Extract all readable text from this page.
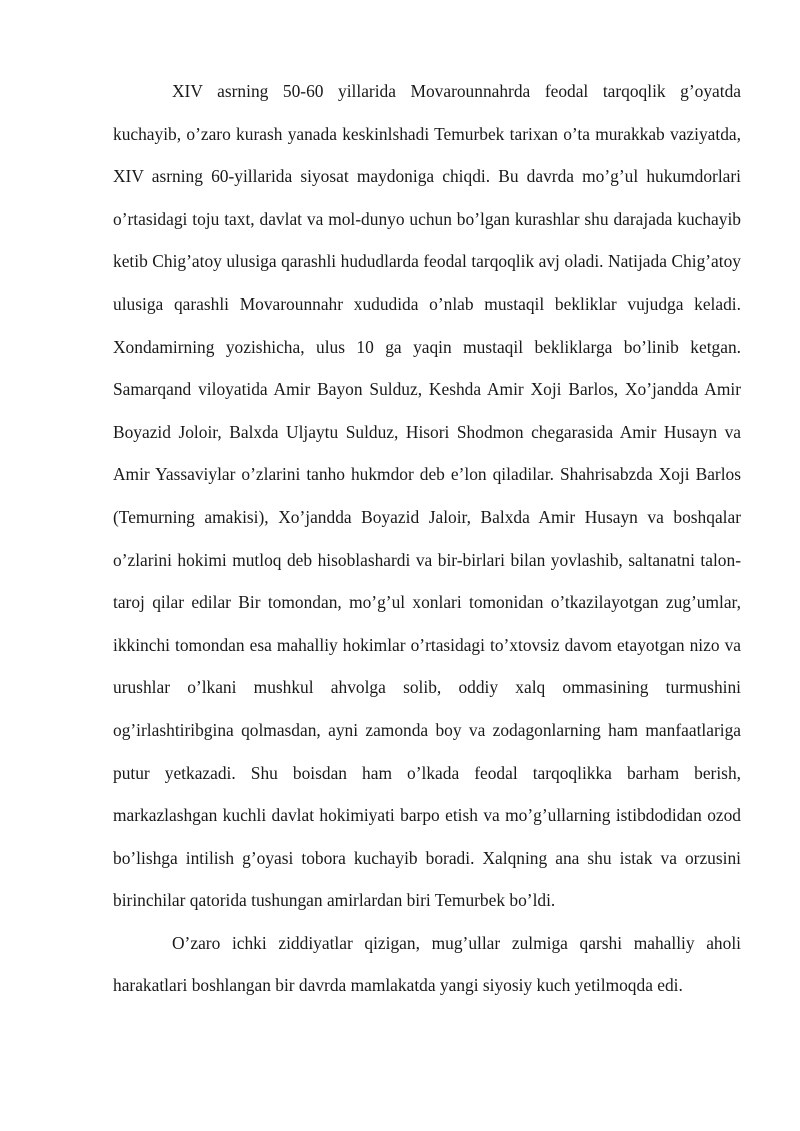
XIV asrning 50-60 yillarida Movarounnahrda feodal tarqoqlik g’oyatda kuchayib, o’zaro kurash yanada keskinlshadi Temurbek tarixan o’ta murakkab vaziyatda, XIV asrning 60-yillarida siyosat maydoniga chiqdi. Bu davrda mo’g’ul hukumdorlari o’rtasidagi toju taxt, davlat va mol-dunyo uchun bo’lgan kurashlar shu darajada kuchayib ketib Chig’atoy ulusiga qarashli hududlarda feodal tarqoqlik avj oladi. Natijada Chig’atoy ulusiga qarashli Movarounnahr xududida o’nlab mustaqil bekliklar vujudga keladi. Xondamirning yozishicha, ulus 10 ga yaqin mustaqil bekliklarga bo’linib ketgan. Samarqand viloyatida Amir Bayon Sulduz, Keshda Amir Xoji Barlos, Xo’jandda Amir Boyazid Joloir, Balxda Uljaytu Sulduz, Hisori Shodmon chegarasida Amir Husayn va Amir Yassaviylar o’zlarini tanho hukmdor deb e’lon qiladilar. Shahrisabzda Xoji Barlos (Temurning amakisi), Xo’jandda Boyazid Jaloir, Balxda Amir Husayn va boshqalar o’zlarini hokimi mutloq deb hisoblashardi va bir-birlari bilan yovlashib, saltanatni talon-taroj qilar edilar Bir tomondan, mo’g’ul xonlari tomonidan o’tkazilayotgan zug’umlar, ikkinchi tomondan esa mahalliy hokimlar o’rtasidagi to’xtovsiz davom etayotgan nizo va urushlar o’lkani mushkul ahvolga solib, oddiy xalq ommasining turmushini og’irlashtiribgina qolmasdan, ayni zamonda boy va zodagonlarning ham manfaatlariga putur yetkazadi. Shu boisdan ham o’lkada feodal tarqoqlikka barham berish, markazlashgan kuchli davlat hokimiyati barpo etish va mo’g’ullarning istibdodidan ozod bo’lishga intilish g’oyasi tobora kuchayib boradi. Xalqning ana shu istak va orzusini birinchilar qatorida tushungan amirlardan biri Temurbek bo’ldi.

O’zaro ichki ziddiyatlar qizigan, mug’ullar zulmiga qarshi mahalliy aholi harakatlari boshlangan bir davrda mamlakatda yangi siyosiy kuch yetilmoqda edi.
